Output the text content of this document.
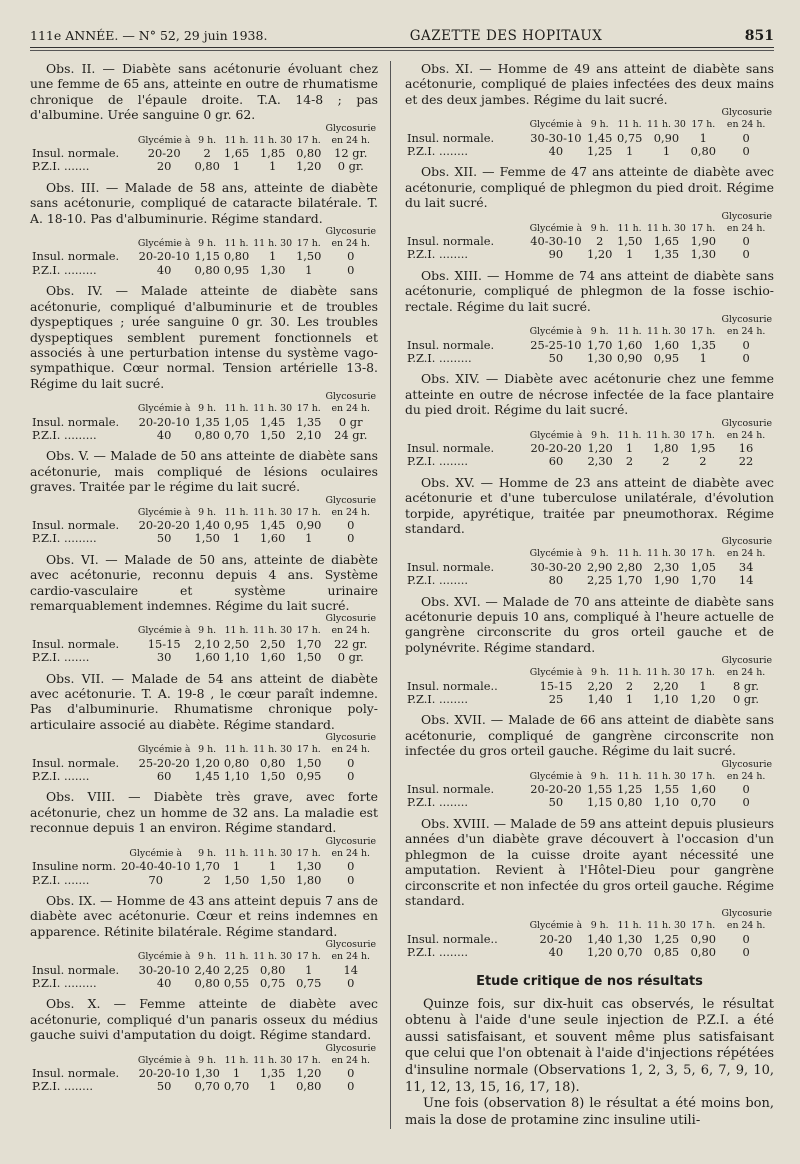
111e ANNÉE. — N° 52, 29 juin 1938.	GAZETTE DES HOPITAUX	851

Obs. II. — Diabète sans acétonurie évoluant chez une femme de 65 ans, atteinte en outre de rhumatisme chronique de l'épaule droite. T.A. 14-8 ; pas d'albumine. Urée sanguine 0 gr. 62.

						Glycosurie
	Glycémie à	9 h.	11 h.	11 h. 30	17 h.	en 24 h.
Insul. normale.	20-20	2	1,65	1,85	0,80	12 gr.
P.Z.I. .......	20	0,80	1	1	1,20	0 gr.

Obs. III. — Malade de 58 ans, atteinte de diabète sans acétonurie, compliqué de cataracte bilatérale. T. A. 18-10. Pas d'albuminurie. Régime standard.

						Glycosurie
	Glycémie à	9 h.	11 h.	11 h. 30	17 h.	en 24 h.
Insul. normale.	20-20-10	1,15	0,80	1	1,50	0
P.Z.I. .........	40	0,80	0,95	1,30	1	0

Obs. IV. — Malade atteinte de diabète sans acétonurie, compliqué d'albuminurie et de troubles dyspeptiques ; urée sanguine 0 gr. 30. Les troubles dyspeptiques semblent purement fonctionnels et associés à une perturbation intense du système vago-sympathique. Cœur normal. Tension artérielle 13-8. Régime du lait sucré.

						Glycosurie
	Glycémie à	9 h.	11 h.	11 h. 30	17 h.	en 24 h.
Insul. normale.	20-20-10	1,35	1,05	1,45	1,35	0 gr
P.Z.I. .........	40	0,80	0,70	1,50	2,10	24 gr.

Obs. V. — Malade de 50 ans atteinte de diabète sans acétonurie, mais compliqué de lésions oculaires graves. Traitée par le régime du lait sucré.

						Glycosurie
	Glycémie à	9 h.	11 h.	11 h. 30	17 h.	en 24 h.
Insul. normale.	20-20-20	1,40	0,95	1,45	0,90	0
P.Z.I. .........	50	1,50	1	1,60	1	0

Obs. VI. — Malade de 50 ans, atteinte de diabète avec acétonurie, reconnu depuis 4 ans. Système cardio-vasculaire et système urinaire remarquablement indemnes. Régime du lait sucré.

						Glycosurie
	Glycémie à	9 h.	11 h.	11 h. 30	17 h.	en 24 h.
Insul. normale.	15-15	2,10	2,50	2,50	1,70	22 gr.
P.Z.I. .......	30	1,60	1,10	1,60	1,50	0 gr.

Obs. VII. — Malade de 54 ans atteint de diabète avec acétonurie. T. A. 19-8 , le cœur paraît indemne. Pas d'albuminurie. Rhumatisme chronique poly-articulaire associé au diabète. Régime standard.

						Glycosurie
	Glycémie à	9 h.	11 h.	11 h. 30	17 h.	en 24 h.
Insul. normale.	25-20-20	1,20	0,80	0,80	1,50	0
P.Z.I. .......	60	1,45	1,10	1,50	0,95	0

Obs. VIII. — Diabète très grave, avec forte acétonurie, chez un homme de 32 ans. La maladie est reconnue depuis 1 an environ. Régime standard.

						Glycosurie
	Glycémie à	9 h.	11 h.	11 h. 30	17 h.	en 24 h.
Insuline norm.	20-40-40-10	1,70	1	1	1,30	0
P.Z.I. .......	70	2	1,50	1,50	1,80	0

Obs. IX. — Homme de 43 ans atteint depuis 7 ans de diabète avec acétonurie. Cœur et reins indemnes en apparence. Rétinite bilatérale. Régime standard.

						Glycosurie
	Glycémie à	9 h.	11 h.	11 h. 30	17 h.	en 24 h.
Insul. normale.	30-20-10	2,40	2,25	0,80	1	14
P.Z.I. .........	40	0,80	0,55	0,75	0,75	0

Obs. X. — Femme atteinte de diabète avec acétonurie, compliqué d'un panaris osseux du médius gauche suivi d'amputation du doigt. Régime standard.

						Glycosurie
	Glycémie à	9 h.	11 h.	11 h. 30	17 h.	en 24 h.
Insul. normale.	20-20-10	1,30	1	1,35	1,20	0
P.Z.I. ........	50	0,70	0,70	1	0,80	0

Obs. XI. — Homme de 49 ans atteint de diabète sans acétonurie, compliqué de plaies infectées des deux mains et des deux jambes. Régime du lait sucré.

						Glycosurie
	Glycémie à	9 h.	11 h.	11 h. 30	17 h.	en 24 h.
Insul. normale.	30-30-10	1,45	0,75	0,90	1	0
P.Z.I. ........	40	1,25	1	1	0,80	0

Obs. XII. — Femme de 47 ans atteinte de diabète avec acétonurie, compliqué de phlegmon du pied droit. Régime du lait sucré.

						Glycosurie
	Glycémie à	9 h.	11 h.	11 h. 30	17 h.	en 24 h.
Insul. normale.	40-30-10	2	1,50	1,65	1,90	0
P.Z.I. ........	90	1,20	1	1,35	1,30	0

Obs. XIII. — Homme de 74 ans atteint de diabète sans acétonurie, compliqué de phlegmon de la fosse ischio-rectale. Régime du lait sucré.

						Glycosurie
	Glycémie à	9 h.	11 h.	11 h. 30	17 h.	en 24 h.
Insul. normale.	25-25-10	1,70	1,60	1,60	1,35	0
P.Z.I. .........	50	1,30	0,90	0,95	1	0

Obs. XIV. — Diabète avec acétonurie chez une femme atteinte en outre de nécrose infectée de la face plantaire du pied droit. Régime du lait sucré.

						Glycosurie
	Glycémie à	9 h.	11 h.	11 h. 30	17 h.	en 24 h.
Insul. normale.	20-20-20	1,20	1	1,80	1,95	16
P.Z.I. ........	60	2,30	2	2	2	22

Obs. XV. — Homme de 23 ans atteint de diabète avec acétonurie et d'une tuberculose unilatérale, d'évolution torpide, apyrétique, traitée par pneumothorax. Régime standard.

						Glycosurie
	Glycémie à	9 h.	11 h.	11 h. 30	17 h.	en 24 h.
Insul. normale.	30-30-20	2,90	2,80	2,30	1,05	34
P.Z.I. ........	80	2,25	1,70	1,90	1,70	14

Obs. XVI. — Malade de 70 ans atteinte de diabète sans acétonurie depuis 10 ans, compliqué à l'heure actuelle de gangrène circonscrite du gros orteil gauche et de polynévrite. Régime standard.

						Glycosurie
	Glycémie à	9 h.	11 h.	11 h. 30	17 h.	en 24 h.
Insul. normale..	15-15	2,20	2	2,20	1	8 gr.
P.Z.I. ........	25	1,40	1	1,10	1,20	0 gr.

Obs. XVII. — Malade de 66 ans atteint de diabète sans acétonurie, compliqué de gangrène circonscrite non infectée du gros orteil gauche. Régime du lait sucré.

						Glycosurie
	Glycémie à	9 h.	11 h.	11 h. 30	17 h.	en 24 h.
Insul. normale.	20-20-20	1,55	1,25	1,55	1,60	0
P.Z.I. ........	50	1,15	0,80	1,10	0,70	0

Obs. XVIII. — Malade de 59 ans atteint depuis plusieurs années d'un diabète grave découvert à l'occasion d'un phlegmon de la cuisse droite ayant nécessité une amputation. Revient à l'Hôtel-Dieu pour gangrène circonscrite et non infectée du gros orteil gauche. Régime standard.

						Glycosurie
	Glycémie à	9 h.	11 h.	11 h. 30	17 h.	en 24 h.
Insul. normale..	20-20	1,40	1,30	1,25	0,90	0
P.Z.I. ........	40	1,20	0,70	0,85	0,80	0
Etude critique de nos résultats

Quinze fois, sur dix-huit cas observés, le résultat obtenu à l'aide d'une seule injection de P.Z.I. a été aussi satisfaisant, et souvent même plus satisfaisant que celui que l'on obtenait à l'aide d'injections répétées d'insuline normale (Observations 1, 2, 3, 5, 6, 7, 9, 10, 11, 12, 13, 15, 16, 17, 18).

Une fois (observation 8) le résultat a été moins bon, mais la dose de protamine zinc insuline utili-
